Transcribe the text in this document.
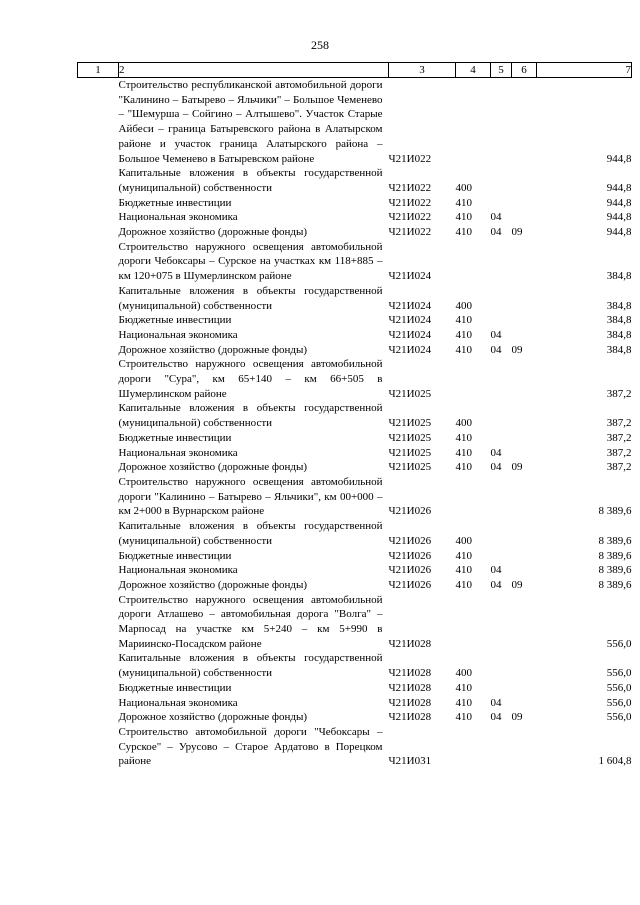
258
1	2	3	4	5	6	7
	Строительство республиканской автомобильной дороги "Калинино – Батырево – Яльчики" – Большое Чеменево – "Шемурша – Сойгино – Алтышево". Участок Старые Айбеси – граница Батыревского района в Алатырском районе и участок граница Алатырского района – Большое Чеменево в Батыревском районе	Ч21И022				944,8
	Капитальные вложения в объекты государственной (муниципальной) собственности	Ч21И022	400			944,8
	Бюджетные инвестиции	Ч21И022	410			944,8
	Национальная экономика	Ч21И022	410	04		944,8
	Дорожное хозяйство (дорожные фонды)	Ч21И022	410	04	09	944,8
	Строительство наружного освещения автомобильной дороги Чебоксары – Сурское на участках км 118+885 – км 120+075 в Шумерлинском районе	Ч21И024				384,8
	Капитальные вложения в объекты государственной (муниципальной) собственности	Ч21И024	400			384,8
	Бюджетные инвестиции	Ч21И024	410			384,8
	Национальная экономика	Ч21И024	410	04		384,8
	Дорожное хозяйство (дорожные фонды)	Ч21И024	410	04	09	384,8
	Строительство наружного освещения автомобильной дороги "Сура", км 65+140 – км 66+505 в Шумерлинском районе	Ч21И025				387,2
	Капитальные вложения в объекты государственной (муниципальной) собственности	Ч21И025	400			387,2
	Бюджетные инвестиции	Ч21И025	410			387,2
	Национальная экономика	Ч21И025	410	04		387,2
	Дорожное хозяйство (дорожные фонды)	Ч21И025	410	04	09	387,2
	Строительство наружного освещения автомобильной дороги "Калинино – Батырево – Яльчики", км 00+000 – км 2+000 в Вурнарском районе	Ч21И026				8 389,6
	Капитальные вложения в объекты государственной (муниципальной) собственности	Ч21И026	400			8 389,6
	Бюджетные инвестиции	Ч21И026	410			8 389,6
	Национальная экономика	Ч21И026	410	04		8 389,6
	Дорожное хозяйство (дорожные фонды)	Ч21И026	410	04	09	8 389,6
	Строительство наружного освещения автомобильной дороги Атлашево – автомобильная дорога "Волга" – Марпосад на участке км 5+240 – км 5+990 в Мариинско-Посадском районе	Ч21И028				556,0
	Капитальные вложения в объекты государственной (муниципальной) собственности	Ч21И028	400			556,0
	Бюджетные инвестиции	Ч21И028	410			556,0
	Национальная экономика	Ч21И028	410	04		556,0
	Дорожное хозяйство (дорожные фонды)	Ч21И028	410	04	09	556,0
	Строительство автомобильной дороги "Чебоксары – Сурское" – Урусово – Старое Ардатово в Порецком районе	Ч21И031				1 604,8
